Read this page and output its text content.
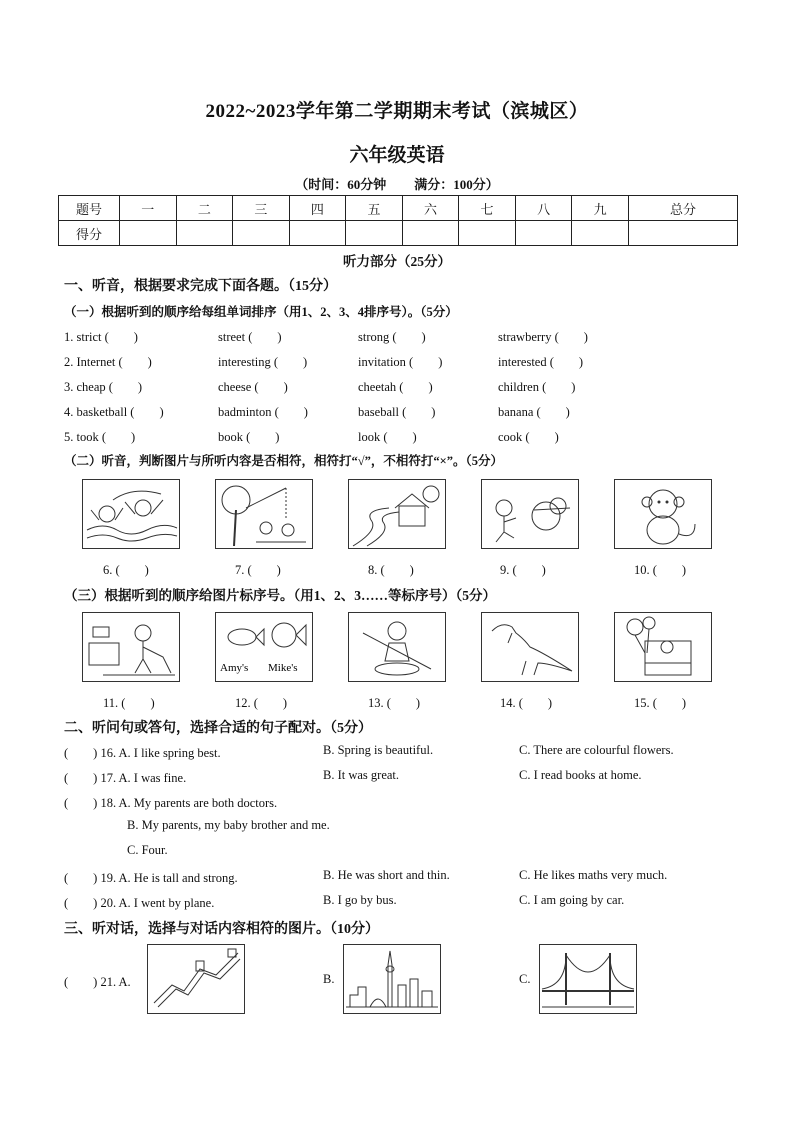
2022~2023学年第二学期期末考试（滨城区）
六年级英语
（时间：60分钟 满分：100分）
题号	一	二	三	四	五	六	七	八	九	总分
得分										
听力部分（25分）
一、听音，根据要求完成下面各题。（15分）
（一）根据听到的顺序给每组单词排序（用1、2、3、4排序号）。（5分）
1. strict (　　)	street (　　)	strong (　　)	strawberry (　　)
2. Internet (　　)	interesting (　　)	invitation (　　)	interested (　　)
3. cheap (　　)	cheese (　　)	cheetah (　　)	children (　　)
4. basketball (　　)	badminton (　　)	baseball (　　)	banana (　　)
5. took (　　)	book (　　)	look (　　)	cook (　　)
（二）听音，判断图片与所听内容是否相符，相符打“√”，不相符打“×”。（5分）
6. (　　)	7. (　　)	8. (　　)	9. (　　)	10. (　　)
（三）根据听到的顺序给图片标序号。（用1、2、3……等标序号）（5分）
Amy's Mike's
11. (　　)	12. (　　)	13. (　　)	14. (　　)	15. (　　)
二、听问句或答句，选择合适的句子配对。（5分）
(　　) 16. A. I like spring best.	B. Spring is beautiful.	C. There are colourful flowers.
(　　) 17. A. I was fine.	B. It was great.	C. I read books at home.
(　　) 18. A. My parents are both doctors.
B. My parents, my baby brother and me.
C. Four.
(　　) 19. A. He is tall and strong.	B. He was short and thin.	C. He likes maths very much.
(　　) 20. A. I went by plane.	B. I go by bus.	C. I am going by car.
三、听对话，选择与对话内容相符的图片。（10分）
(　　) 21. A.	B.	C.
